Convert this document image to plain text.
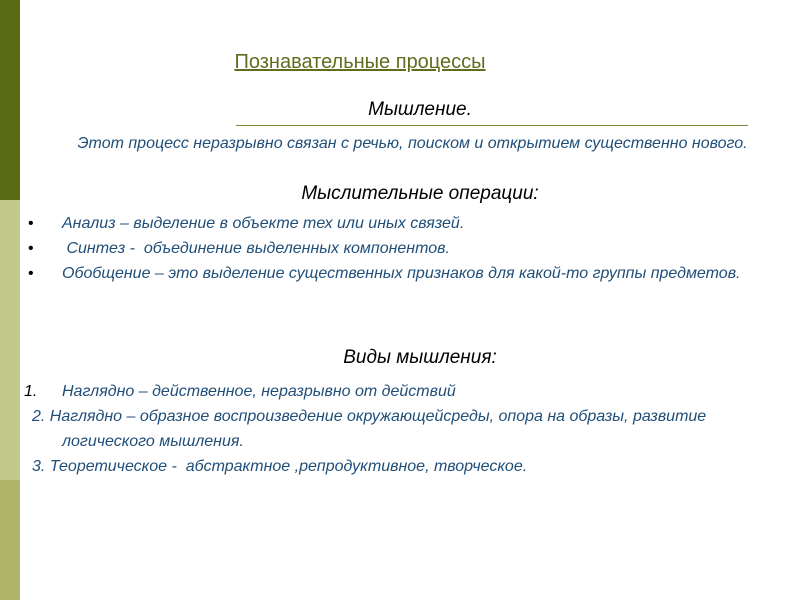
Познавательные процессы
Мышление.
Этот процесс неразрывно связан с речью, поиском и открытием существенно нового.
Мыслительные операции:
• Анализ – выделение в объекте тех или иных связей.
• Синтез -  объединение выделенных компонентов.
• Обобщение – это выделение существенных признаков для какой-то группы предметов.
Виды мышления:
1. Наглядно – действенное, неразрывно от действий
2. Наглядно – образное воспроизведение окружающейсреды, опора на образы, развитие логического мышления.
3. Теоретическое -  абстрактное ,репродуктивное, творческое.
